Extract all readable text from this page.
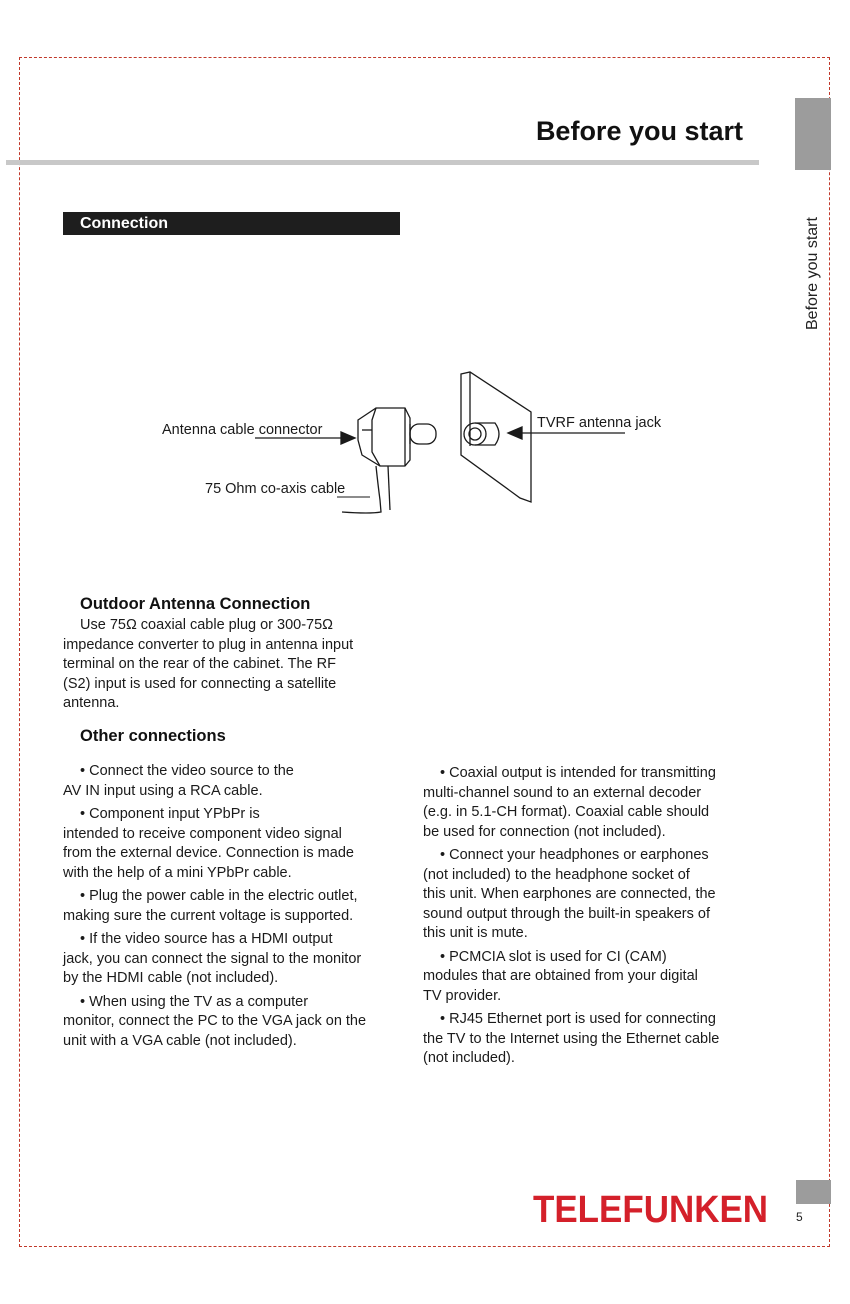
Before you start
Before you start
Connection
Antenna cable connector
75 Ohm co-axis cable
TVRF antenna jack
Outdoor Antenna Connection

Use 75Ω coaxial cable plug or 300-75Ω

impedance converter to plug in antenna input

terminal on the rear of the cabinet. The RF

(S2) input is used for connecting a satellite

antenna.

Other connections

• Connect the video source to the

AV IN input using a RCA cable.

• Component input YPbPr is

intended to receive component video signal

from the external device. Connection is made

with the help of a mini YPbPr cable.

• Plug the power cable in the electric outlet,

making sure the current voltage is supported.

• If the video source has a HDMI output

jack, you can connect the signal to the monitor

by the HDMI cable (not included).

• When using the TV as a computer

monitor, connect the PC to the VGA jack on the

unit with a VGA cable (not included).

• Coaxial output is intended for transmitting

multi-channel sound to an external decoder

(e.g. in 5.1-CH format). Coaxial cable should

be used for connection (not included).

• Connect your headphones or earphones

(not included) to the headphone socket of

this unit. When earphones are connected, the

sound output through the built-in speakers of

this unit is mute.

• PCMCIA slot is used for CI (CAM)

modules that are obtained from your digital

TV provider.

• RJ45 Ethernet port is used for connecting

the TV to the Internet using the Ethernet cable

(not included).

TELEFUNKEN 5
